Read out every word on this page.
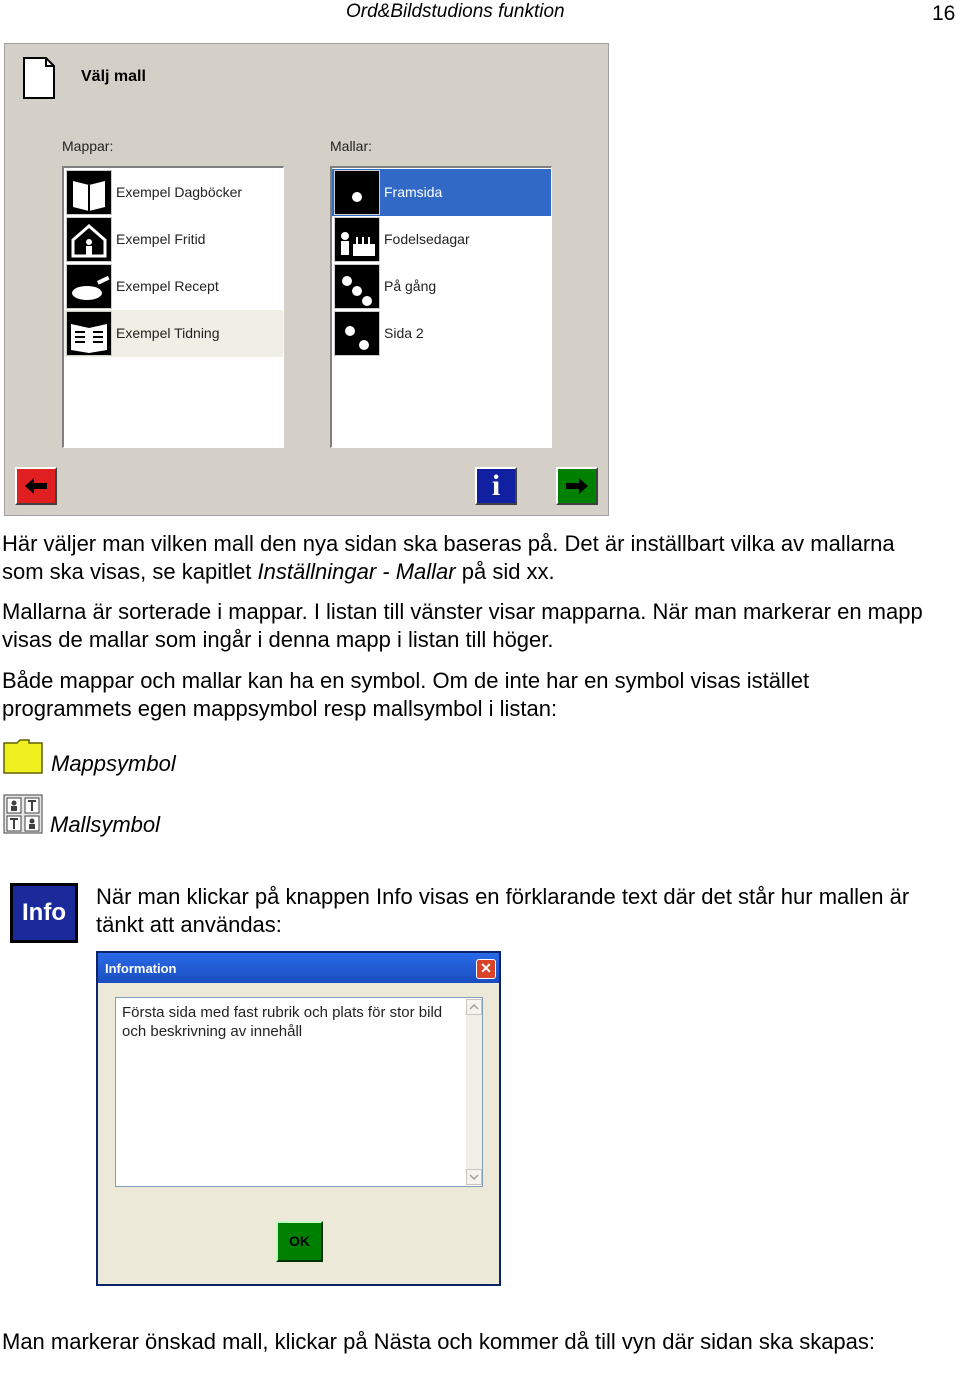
Ord&Bildstudions funktion	16
Välj mall
Mappar:	Mallar:
Exempel Dagböcker
Exempel Fritid
Exempel Recept
Exempel Tidning
Framsida
Fodelsedagar
På gång
Sida 2
i
Här väljer man vilken mall den nya sidan ska baseras på. Det är inställbart vilka av mallarna som ska visas, se kapitlet Inställningar - Mallar på sid xx.
Mallarna är sorterade i mappar. I listan till vänster visar mapparna. När man markerar en mapp visas de mallar som ingår i denna mapp i listan till höger.
Både mappar och mallar kan ha en symbol. Om de inte har en symbol visas istället programmets egen mappsymbol resp mallsymbol i listan:
Mappsymbol
Mallsymbol
Info
När man klickar på knappen Info visas en förklarande text där det står hur mallen är tänkt att användas:
Information	✕
Första sida med fast rubrik och plats för stor bild och beskrivning av innehåll
OK
Man markerar önskad mall, klickar på Nästa och kommer då till vyn där sidan ska skapas:
